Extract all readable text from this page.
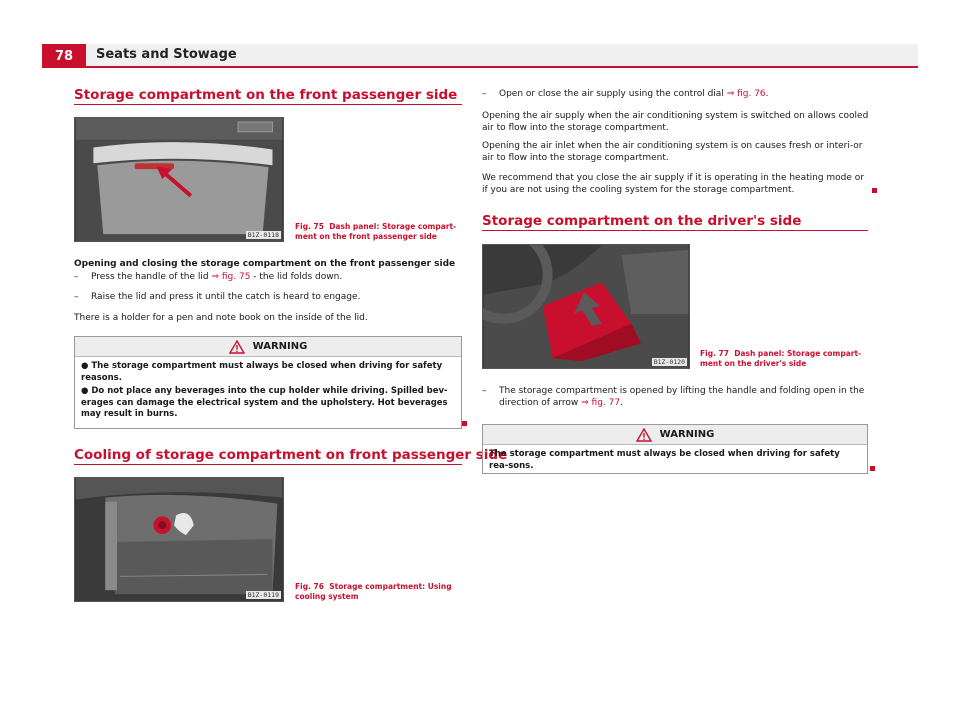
78	Seats and Stowage
Storage compartment on the front passenger side
B1Z-0118
Fig. 75 Dash panel: Storage compart-ment on the front passenger side
Opening and closing the storage compartment on the front passenger side
– Press the handle of the lid ⇒ fig. 75 - the lid folds down.
– Raise the lid and press it until the catch is heard to engage.
There is a holder for a pen and note book on the inside of the lid.
WARNING

● The storage compartment must always be closed when driving for safety reasons.

● Do not place any beverages into the cup holder while driving. Spilled bev-erages can damage the electrical system and the upholstery. Hot beverages may result in burns.

Cooling of storage compartment on front passenger side
B1Z-0119
Fig. 76 Storage compartment: Using cooling system
– Open or close the air supply using the control dial ⇒ fig. 76.
Opening the air supply when the air conditioning system is switched on allows cooled air to flow into the storage compartment.
Opening the air inlet when the air conditioning system is on causes fresh or interi-or air to flow into the storage compartment.
We recommend that you close the air supply if it is operating in the heating mode or if you are not using the cooling system for the storage compartment.
Storage compartment on the driver's side
B1Z-0120
Fig. 77 Dash panel: Storage compart-ment on the driver's side
– The storage compartment is opened by lifting the handle and folding open in the direction of arrow ⇒ fig. 77.
WARNING

The storage compartment must always be closed when driving for safety rea-sons.
